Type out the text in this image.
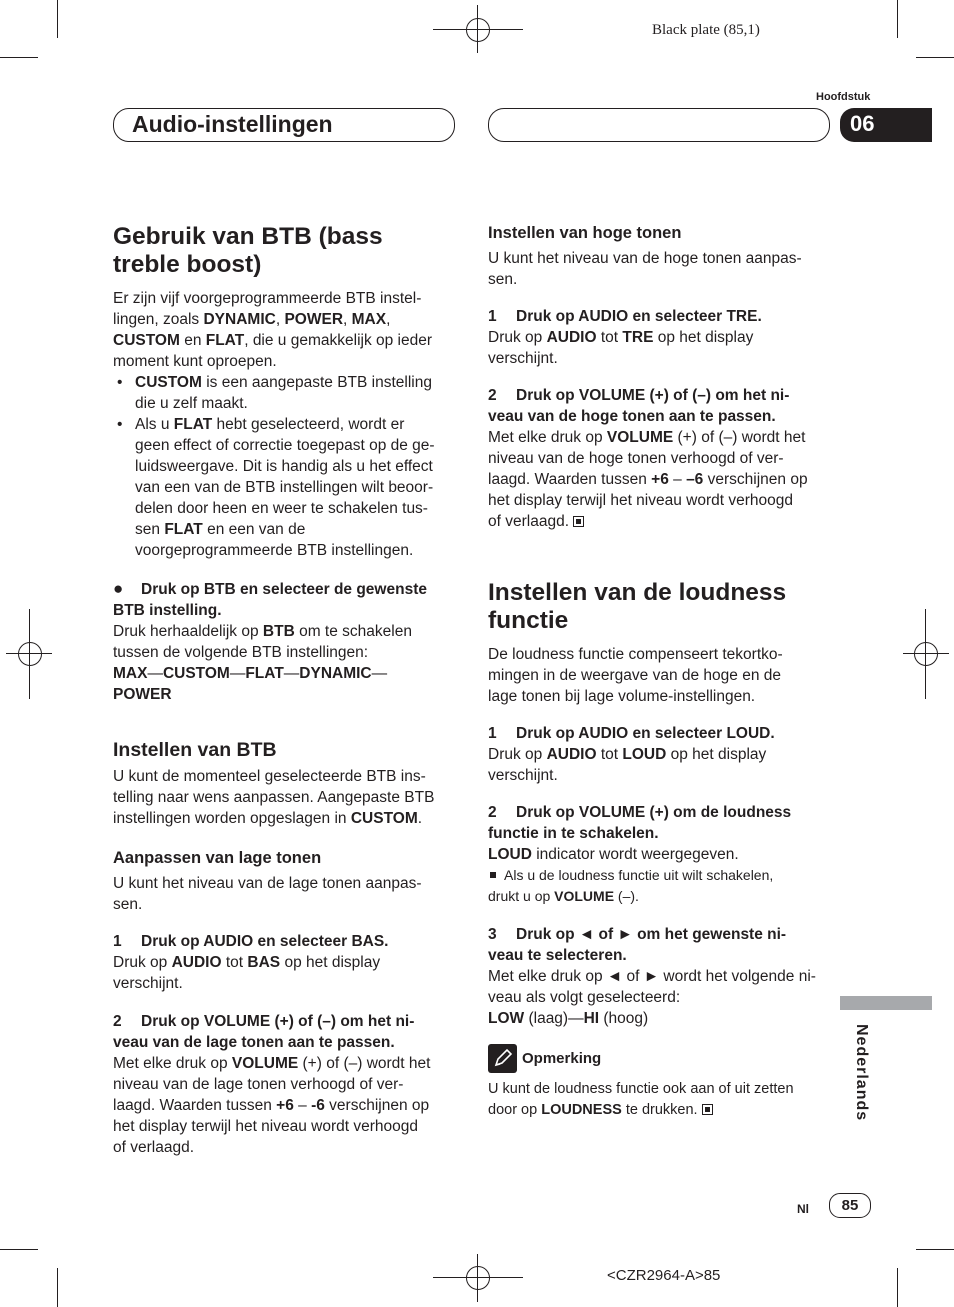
Black plate (85,1)
Hoofdstuk
Audio-instellingen	06
Nederlands

Gebruik van BTB (bass
treble boost)

Er zijn vijf voorgeprogrammeerde BTB instel-
lingen, zoals DYNAMIC, POWER, MAX,
CUSTOM en FLAT, die u gemakkelijk op ieder
moment kunt oproepen.

• CUSTOM is een aangepaste BTB instelling
die u zelf maakt.

• Als u FLAT hebt geselecteerd, wordt er
geen effect of correctie toegepast op de ge-
luidsweergave. Dit is handig als u het effect
van een van de BTB instellingen wilt beoor-
delen door heen en weer te schakelen tus-
sen FLAT en een van de
voorgeprogrammeerde BTB instellingen.

● Druk op BTB en selecteer de gewenste
BTB instelling.

Druk herhaaldelijk op BTB om te schakelen
tussen de volgende BTB instellingen:
MAX—CUSTOM—FLAT—DYNAMIC—
POWER

Instellen van BTB

U kunt de momenteel geselecteerde BTB ins-
telling naar wens aanpassen. Aangepaste BTB
instellingen worden opgeslagen in CUSTOM.

Aanpassen van lage tonen

U kunt het niveau van de lage tonen aanpas-
sen.

1 Druk op AUDIO en selecteer BAS.

Druk op AUDIO tot BAS op het display
verschijnt.

2 Druk op VOLUME (+) of (–) om het ni-
veau van de lage tonen aan te passen.

Met elke druk op VOLUME (+) of (–) wordt het
niveau van de lage tonen verhoogd of ver-
laagd. Waarden tussen +6 – -6 verschijnen op
het display terwijl het niveau wordt verhoogd
of verlaagd.

Instellen van hoge tonen

U kunt het niveau van de hoge tonen aanpas-
sen.

1 Druk op AUDIO en selecteer TRE.

Druk op AUDIO tot TRE op het display
verschijnt.

2 Druk op VOLUME (+) of (–) om het ni-
veau van de hoge tonen aan te passen.

Met elke druk op VOLUME (+) of (–) wordt het
niveau van de hoge tonen verhoogd of ver-
laagd. Waarden tussen +6 – –6 verschijnen op
het display terwijl het niveau wordt verhoogd
of verlaagd.

Instellen van de loudness
functie

De loudness functie compenseert tekortko-
mingen in de weergave van de hoge en de
lage tonen bij lage volume-instellingen.

1 Druk op AUDIO en selecteer LOUD.

Druk op AUDIO tot LOUD op het display
verschijnt.

2 Druk op VOLUME (+) om de loudness
functie in te schakelen.

LOUD indicator wordt weergegeven.

Als u de loudness functie uit wilt schakelen,
drukt u op VOLUME (–).

3 Druk op ◄ of ► om het gewenste ni-
veau te selecteren.

Met elke druk op ◄ of ► wordt het volgende ni-
veau als volgt geselecteerd:
LOW (laag)—HI (hoog)

Opmerking

U kunt de loudness functie ook aan of uit zetten
door op LOUDNESS te drukken.

Nl	85
<CZR2964-A>85
